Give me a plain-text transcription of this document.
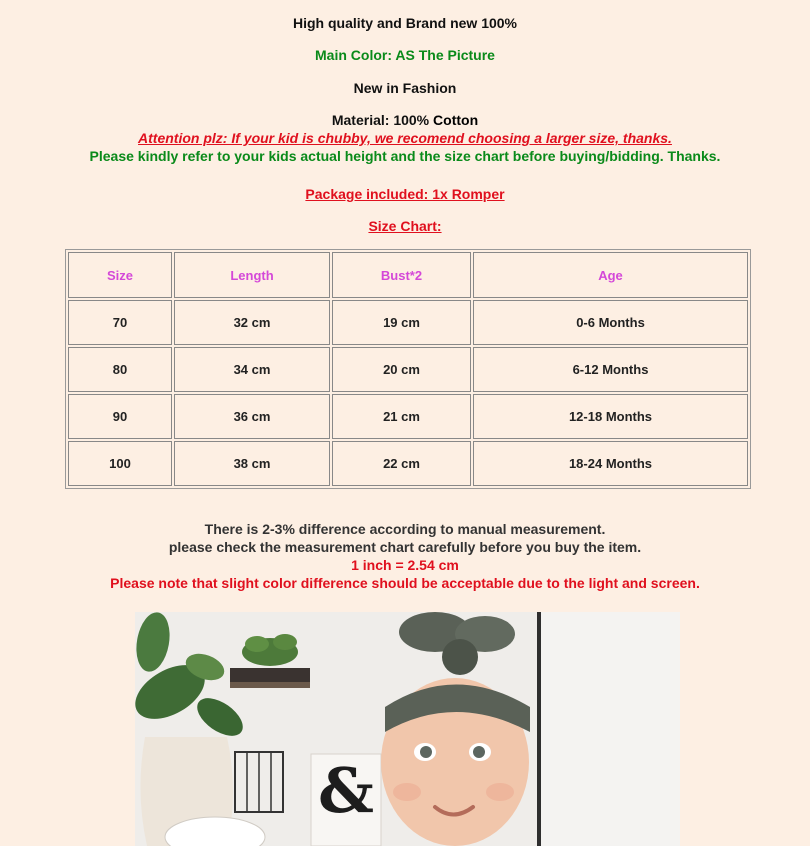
High quality and Brand new 100%
Main Color: AS The Picture
New in Fashion
Material: 100% Cotton
Attention plz: If your kid is chubby, we recomend choosing a larger size, thanks.
Please kindly refer to your kids actual height and the size chart before buying/bidding. Thanks.
Package included: 1x Romper
Size Chart:
Size	Length	Bust*2	Age
70	32 cm	19 cm	0-6 Months
80	34 cm	20 cm	6-12 Months
90	36 cm	21 cm	12-18 Months
100	38 cm	22 cm	18-24 Months
There is 2-3% difference according to manual measurement.
please check the measurement chart carefully before you buy the item.
1 inch = 2.54 cm
Please note that slight color difference should be acceptable due to the light and screen.
&
